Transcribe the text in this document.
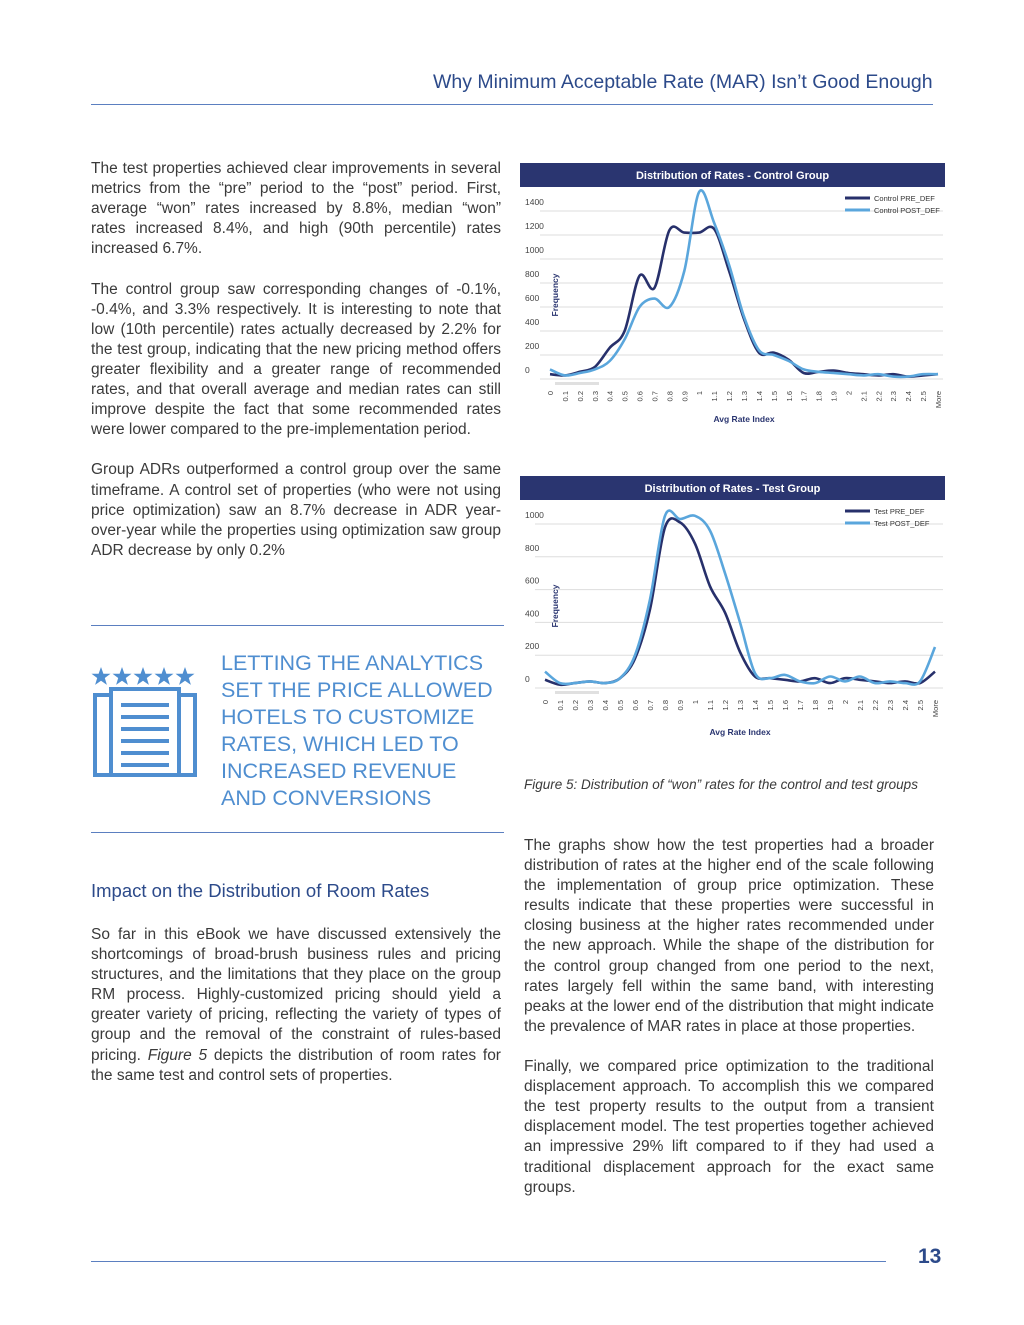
Why Minimum Acceptable Rate (MAR) Isn’t Good Enough

The test properties achieved clear improvements in several metrics from the “pre” period to the “post” period. First, average “won” rates increased by 8.8%, median “won” rates increased 8.4%, and high (90th percentile) rates increased 6.7%.

The control group saw corresponding changes of -0.1%, -0.4%, and 3.3% respectively. It is interesting to note that low (10th percentile) rates actually decreased by 2.2% for the test group, indicating that the new pricing method offers greater flexibility and a greater range of recommended rates, and that overall average and median rates can still improve despite the fact that some recommended rates were lower compared to the pre-implementation period.

Group ADRs outperformed a control group over the same timeframe. A control set of properties (who were not using price optimization) saw an 8.7% decrease in ADR year-over-year while the properties using optimization saw group ADR decrease by only 0.2%

LETTING THE ANALYTICS
SET THE PRICE ALLOWED
HOTELS TO CUSTOMIZE
RATES, WHICH LED TO
INCREASED REVENUE
AND CONVERSIONS
Impact on the Distribution of Room Rates

So far in this eBook we have discussed extensively the shortcomings of broad-brush business rules and pricing structures, and the limitations that they place on the group RM process. Highly-customized pricing should yield a greater variety of pricing, reflecting the variety of types of group and the removal of the constraint of rules-based pricing. Figure 5 depicts the distribution of room rates for the same test and control sets of properties.

Distribution of Rates - Control Group
0
200
400
600
800
1000
1200
1400
0 0.1 0.2 0.3 0.4 0.5 0.6 0.7 0.8 0.9 1 1.1 1.2 1.3 1.4 1.5 1.6 1.7 1.8 1.9 2 2.1 2.2 2.3 2.4 2.5 More
Frequency
Avg Rate Index
Control PRE_DEF
Control POST_DEF
Distribution of Rates - Test Group
0
200
400
600
800
1000
0 0.1 0.2 0.3 0.4 0.5 0.6 0.7 0.8 0.9 1 1.1 1.2 1.3 1.4 1.5 1.6 1.7 1.8 1.9 2 2.1 2.2 2.3 2.4 2.5 More
Frequency
Avg Rate Index
Test PRE_DEF
Test POST_DEF
Figure 5: Distribution of “won” rates for the control and test groups

The graphs show how the test properties had a broader distribution of rates at the higher end of the scale following the implementation of group price optimization. These results indicate that these properties were successful in closing business at the higher rates recommended under the new approach. While the shape of the distribution for the control group changed from one period to the next, rates largely fell within the same band, with interesting peaks at the lower end of the distribution that might indicate the prevalence of MAR rates in place at those properties.

Finally, we compared price optimization to the traditional displacement approach. To accomplish this we compared the test property results to the output from a transient displacement model. The test properties together achieved an impressive 29% lift compared to if they had used a traditional displacement approach for the exact same groups.

13
